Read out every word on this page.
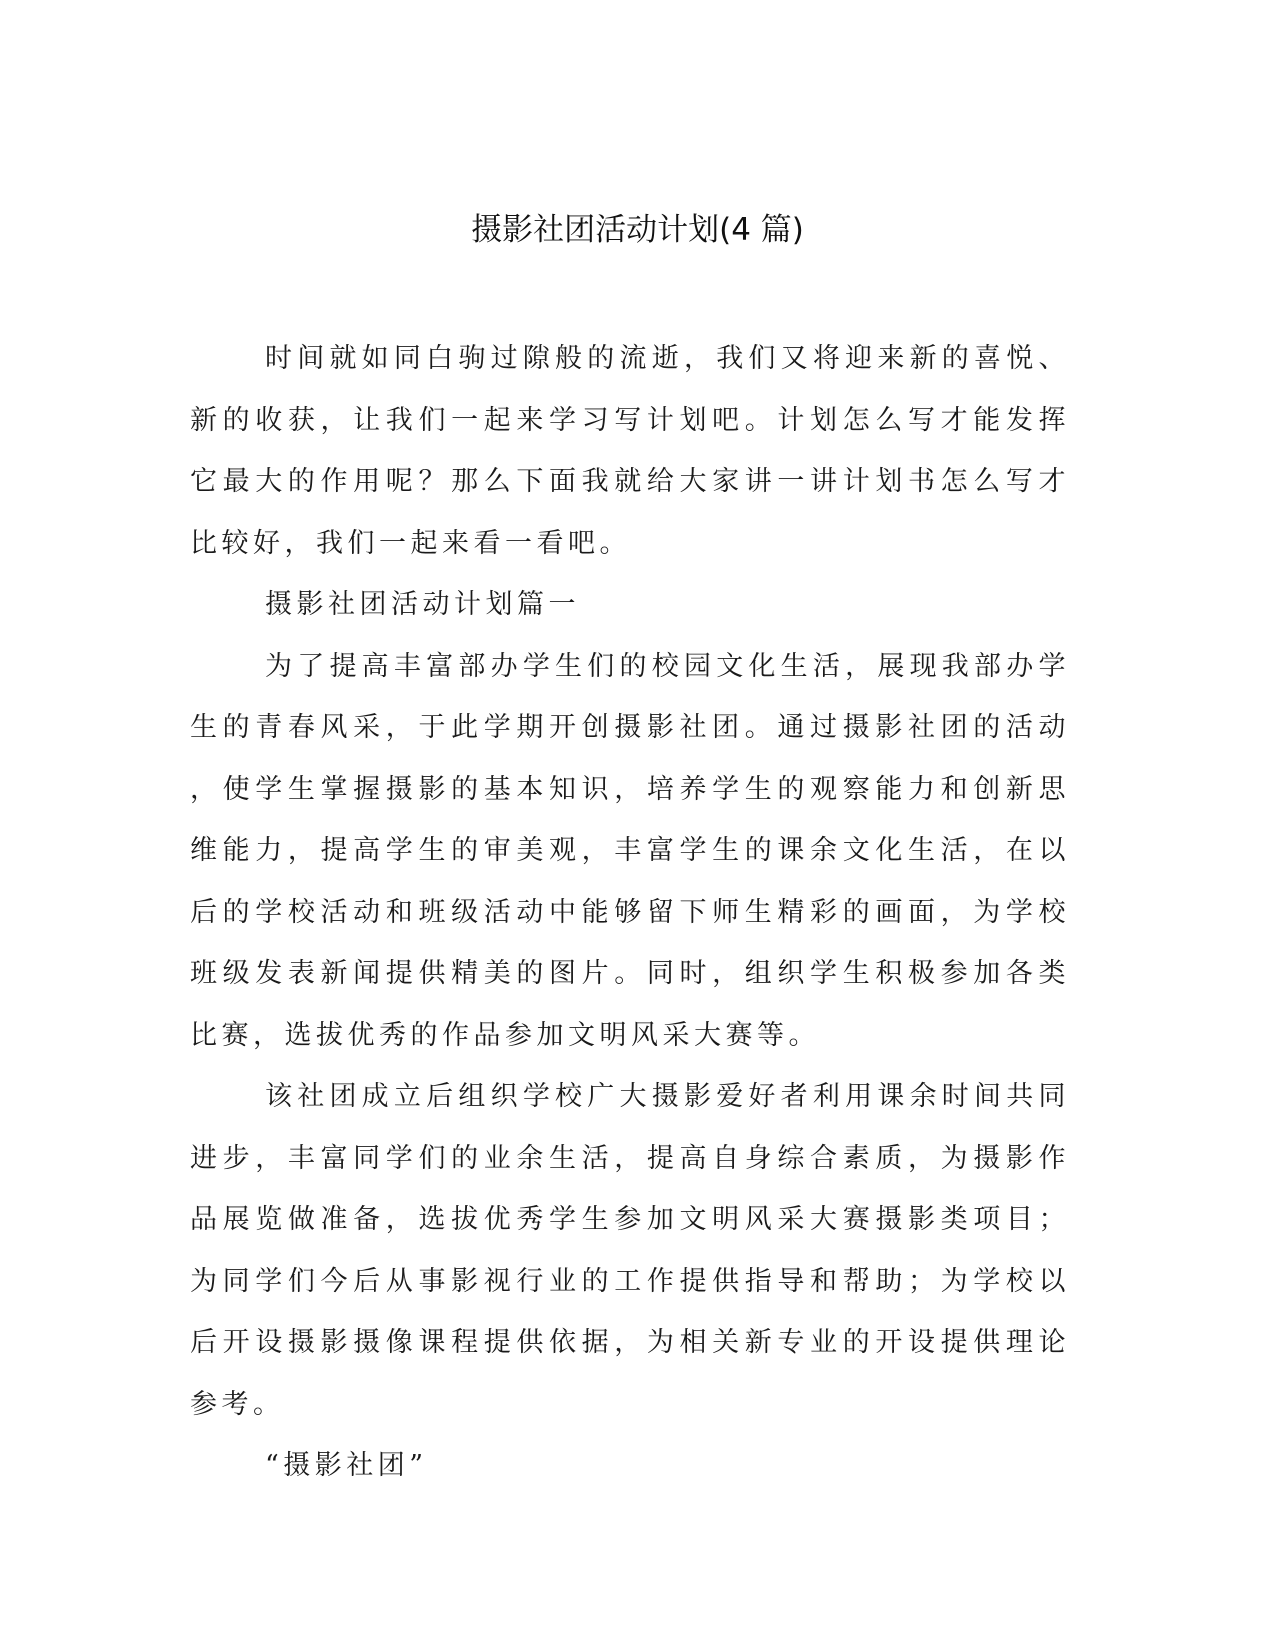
摄影社团活动计划(4 篇)

时间就如同白驹过隙般的流逝，我们又将迎来新的喜悦、新的收获，让我们一起来学习写计划吧。计划怎么写才能发挥它最大的作用呢？那么下面我就给大家讲一讲计划书怎么写才比较好，我们一起来看一看吧。

摄影社团活动计划篇一

为了提高丰富部办学生们的校园文化生活，展现我部办学生的青春风采，于此学期开创摄影社团。通过摄影社团的活动，使学生掌握摄影的基本知识，培养学生的观察能力和创新思维能力，提高学生的审美观，丰富学生的课余文化生活，在以后的学校活动和班级活动中能够留下师生精彩的画面，为学校班级发表新闻提供精美的图片。同时，组织学生积极参加各类比赛，选拔优秀的作品参加文明风采大赛等。

该社团成立后组织学校广大摄影爱好者利用课余时间共同进步，丰富同学们的业余生活，提高自身综合素质，为摄影作品展览做准备，选拔优秀学生参加文明风采大赛摄影类项目；为同学们今后从事影视行业的工作提供指导和帮助；为学校以后开设摄影摄像课程提供依据，为相关新专业的开设提供理论参考。

“摄影社团”
